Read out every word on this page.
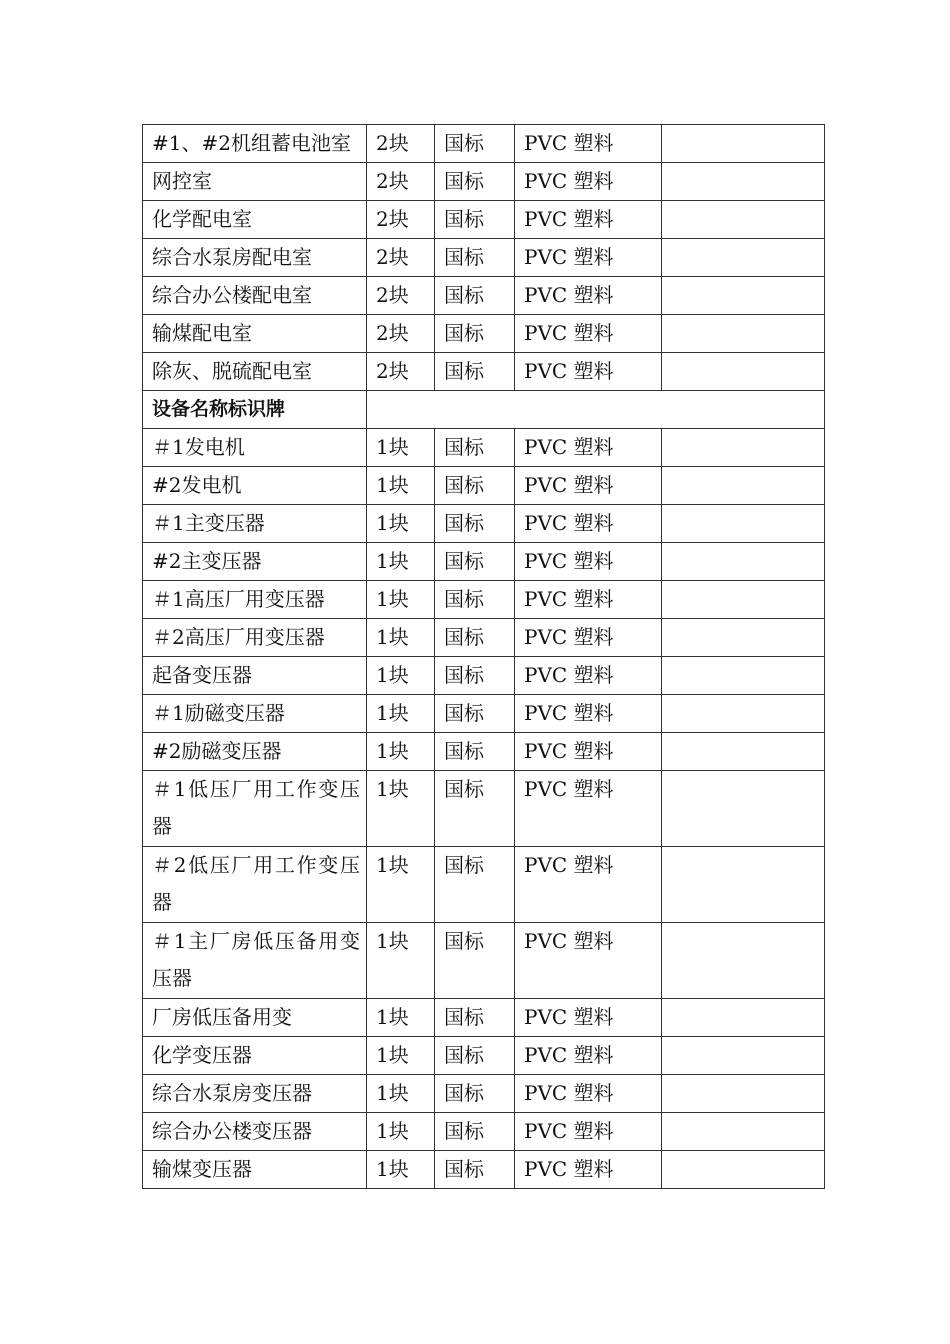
#1、#2机组蓄电池室	2块	国标	PVC 塑料	
网控室	2块	国标	PVC 塑料	
化学配电室	2块	国标	PVC 塑料	
综合水泵房配电室	2块	国标	PVC 塑料	
综合办公楼配电室	2块	国标	PVC 塑料	
输煤配电室	2块	国标	PVC 塑料	
除灰、脱硫配电室	2块	国标	PVC 塑料	
设备名称标识牌				
＃1发电机	1块	国标	PVC 塑料	
#2发电机	1块	国标	PVC 塑料	
＃1主变压器	1块	国标	PVC 塑料	
#2主变压器	1块	国标	PVC 塑料	
＃1高压厂用变压器	1块	国标	PVC 塑料	
＃2高压厂用变压器	1块	国标	PVC 塑料	
起备变压器	1块	国标	PVC 塑料	
＃1励磁变压器	1块	国标	PVC 塑料	
#2励磁变压器	1块	国标	PVC 塑料	
＃1低压厂用工作变压器	1块	国标	PVC 塑料	
＃2低压厂用工作变压器	1块	国标	PVC 塑料	
＃1主厂房低压备用变压器	1块	国标	PVC 塑料	
厂房低压备用变	1块	国标	PVC 塑料	
化学变压器	1块	国标	PVC 塑料	
综合水泵房变压器	1块	国标	PVC 塑料	
综合办公楼变压器	1块	国标	PVC 塑料	
输煤变压器	1块	国标	PVC 塑料	
